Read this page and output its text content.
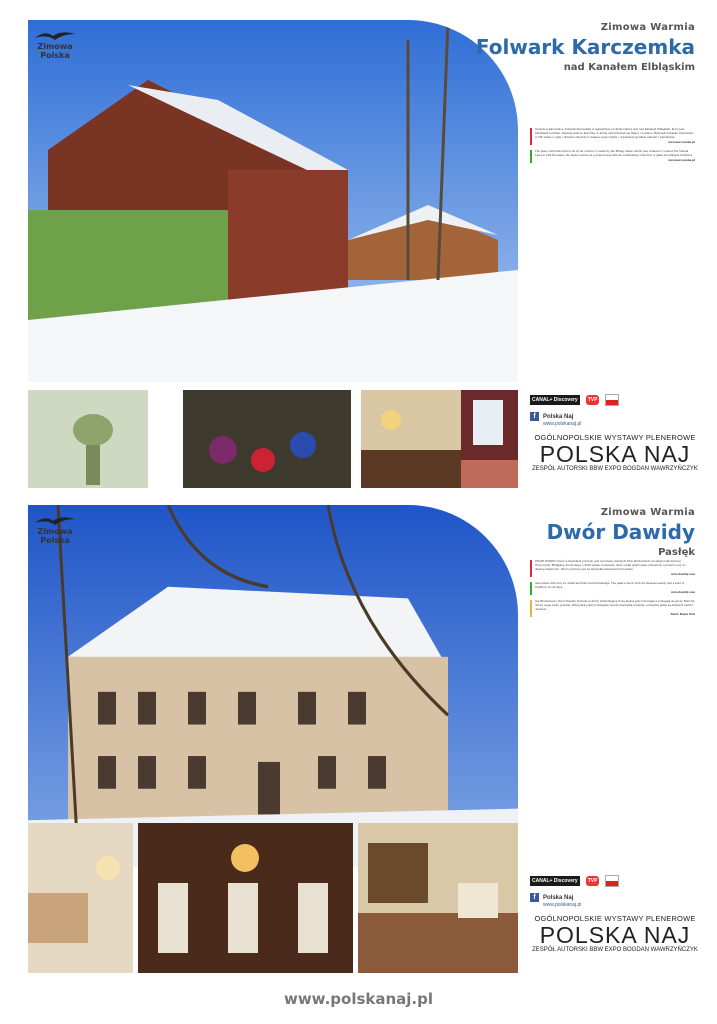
Zimowa
Polska
Zimowa Warmia
Folwark Karczemka
nad Kanałem Elbląskim
Stodoła w Karczemce. Folwark Karczemka w sąsiedztwie pochylni Całuny leży nad Kanałem Elbląskim, który jest zabytkiem techniki. Dawniej stała tu karczma, w której zatrzymywali się flisacy i woźnice. Budynek folwarku zbudowano w XIX wieku z cegły i drewna. Obecnie to miejsce wypoczynku i organizacji spotkań, szkoleń i warsztatów.
www.karczemka.pl
The place with historical roots in old custom. Located by the Elbląg Canal, which was created to connect the Vistula Lagoon with the lakes, the manor serves as a guest house with an outstanding collection of glass and antique furniture.
www.karczemka.pl
CANAL+ Discovery	TVP
f	Polska Naj
www.polskanaj.pl
OGÓLNOPOLSKIE WYSTAWY PLENEROWE
POLSKA NAJ
ZESPÓŁ AUTORSKI BBW EXPO BOGDAN WAWRZYŃCZYK
Zimowa
Polska
Zimowa Warmia
Dwór Dawidy
Pasłęk
DWÓR DAWIDY. Dwór w Dawidach położony jest na terenie dawnych Prus Wschodnich, na skraju malowniczej Wysoczyzny Elbląskiej. Pochodzący z XVIII wieku, budowany dwór został gruntownie odnowiony i przywrócony do dawnej świetności. Dwór położony jest na niezwykle malowniczym terenie.
www.dawidy.com
Associated with love for detail and historical furnishings. The palace lies in both its timeless beauty and a kind of tradition on old days.
www.dawidy.com
Jan Bruderneck / Dwór Dawidy. Podczas podróży zatrzymujących się kiedyś przy tym miejscu rozlegają się głosy. Historia dworu sięga wielu pokoleń. Zimą park pokryty śniegiem tworzy niezwykłą scenerię, a wnętrza pełne są dawnych mebli i obrazów.
Tekst: Beata Wut
CANAL+ Discovery	TVP
f	Polska Naj
www.polskanaj.pl
OGÓLNOPOLSKIE WYSTAWY PLENEROWE
POLSKA NAJ
ZESPÓŁ AUTORSKI BBW EXPO BOGDAN WAWRZYŃCZYK
www.polskanaj.pl
